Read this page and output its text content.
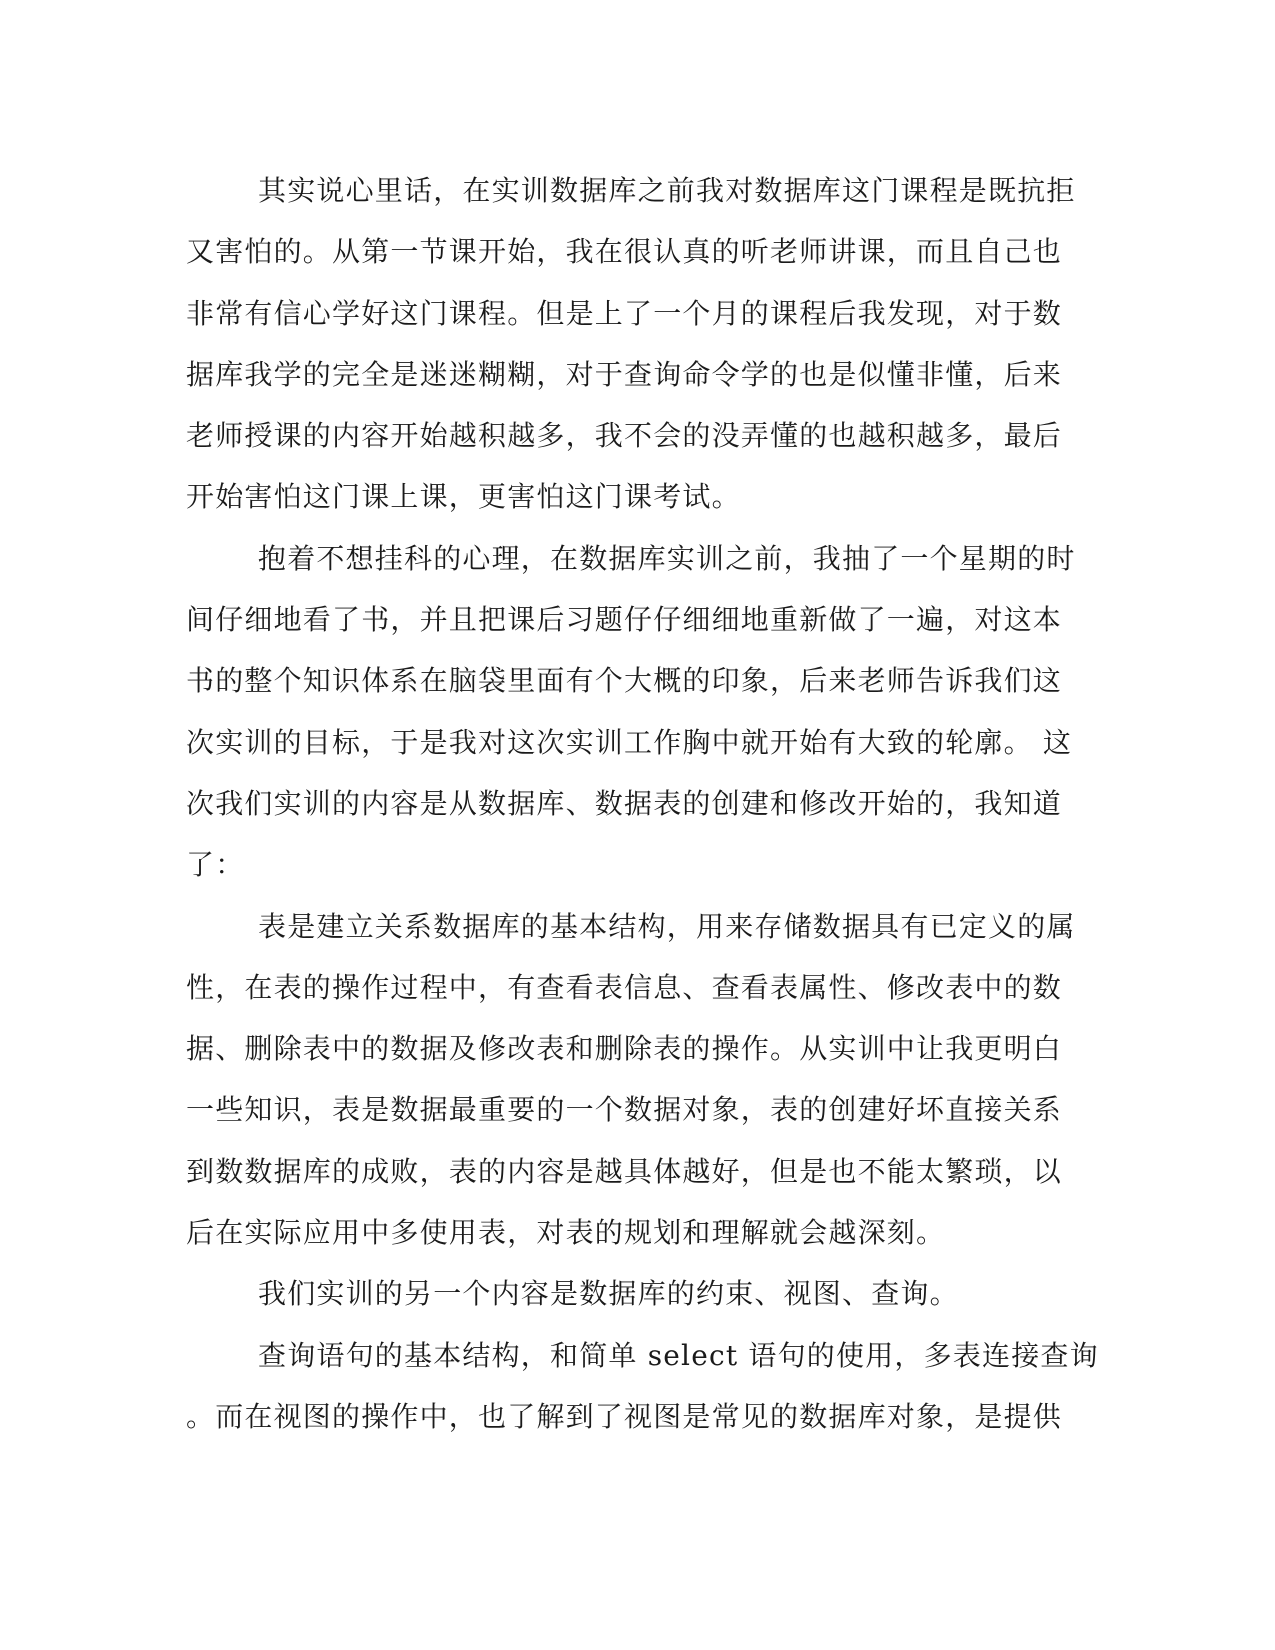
其实说心里话，在实训数据库之前我对数据库这门课程是既抗拒
又害怕的。从第一节课开始，我在很认真的听老师讲课，而且自己也
非常有信心学好这门课程。但是上了一个月的课程后我发现，对于数
据库我学的完全是迷迷糊糊，对于查询命令学的也是似懂非懂，后来
老师授课的内容开始越积越多，我不会的没弄懂的也越积越多，最后
开始害怕这门课上课，更害怕这门课考试。
抱着不想挂科的心理，在数据库实训之前，我抽了一个星期的时
间仔细地看了书，并且把课后习题仔仔细细地重新做了一遍，对这本
书的整个知识体系在脑袋里面有个大概的印象，后来老师告诉我们这
次实训的目标，于是我对这次实训工作胸中就开始有大致的轮廓。 这
次我们实训的内容是从数据库、数据表的创建和修改开始的，我知道
了：
表是建立关系数据库的基本结构，用来存储数据具有已定义的属
性，在表的操作过程中，有查看表信息、查看表属性、修改表中的数
据、删除表中的数据及修改表和删除表的操作。从实训中让我更明白
一些知识，表是数据最重要的一个数据对象，表的创建好坏直接关系
到数数据库的成败，表的内容是越具体越好，但是也不能太繁琐，以
后在实际应用中多使用表，对表的规划和理解就会越深刻。
我们实训的另一个内容是数据库的约束、视图、查询。
查询语句的基本结构，和简单 select 语句的使用，多表连接查询
。而在视图的操作中，也了解到了视图是常见的数据库对象，是提供
